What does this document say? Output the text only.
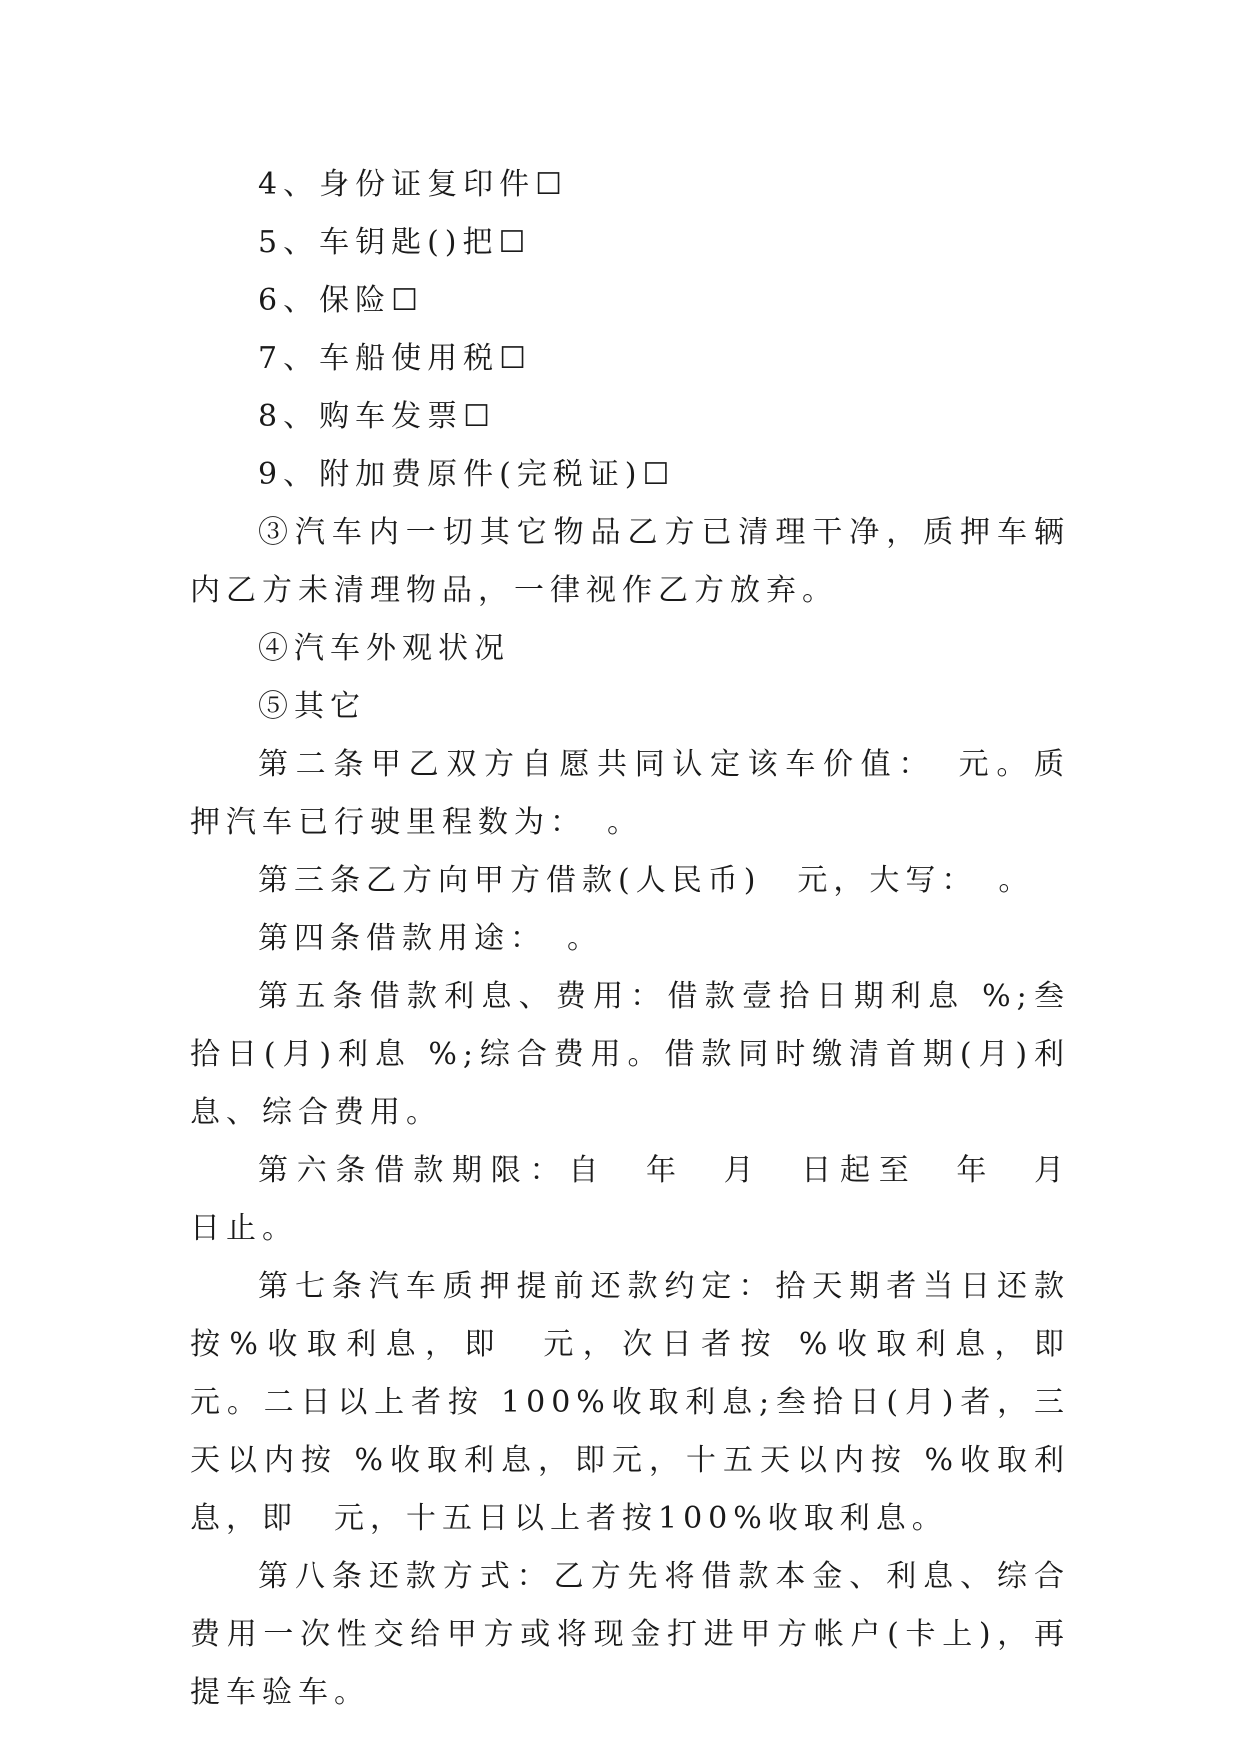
4、身份证复印件☐

5、车钥匙()把☐

6、保险☐

7、车船使用税☐

8、购车发票☐

9、附加费原件(完税证)☐

③汽车内一切其它物品乙方已清理干净，质押车辆内乙方未清理物品，一律视作乙方放弃。

④汽车外观状况

⑤其它

第二条甲乙双方自愿共同认定该车价值：　元。质押汽车已行驶里程数为：　。

第三条乙方向甲方借款(人民币)　元，大写：　。

第四条借款用途：　。

第五条借款利息、费用：借款壹拾日期利息 %;叁拾日(月)利息 %;综合费用。借款同时缴清首期(月)利息、综合费用。

第六条借款期限：自　年　月　日起至　年　月　日止。

第七条汽车质押提前还款约定：拾天期者当日还款按%收取利息，即　元，次日者按 %收取利息，即　元。二日以上者按 100%收取利息;叁拾日(月)者，三天以内按 %收取利息，即元，十五天以内按 %收取利息，即　元，十五日以上者按100%收取利息。

第八条还款方式：乙方先将借款本金、利息、综合费用一次性交给甲方或将现金打进甲方帐户(卡上)，再提车验车。
